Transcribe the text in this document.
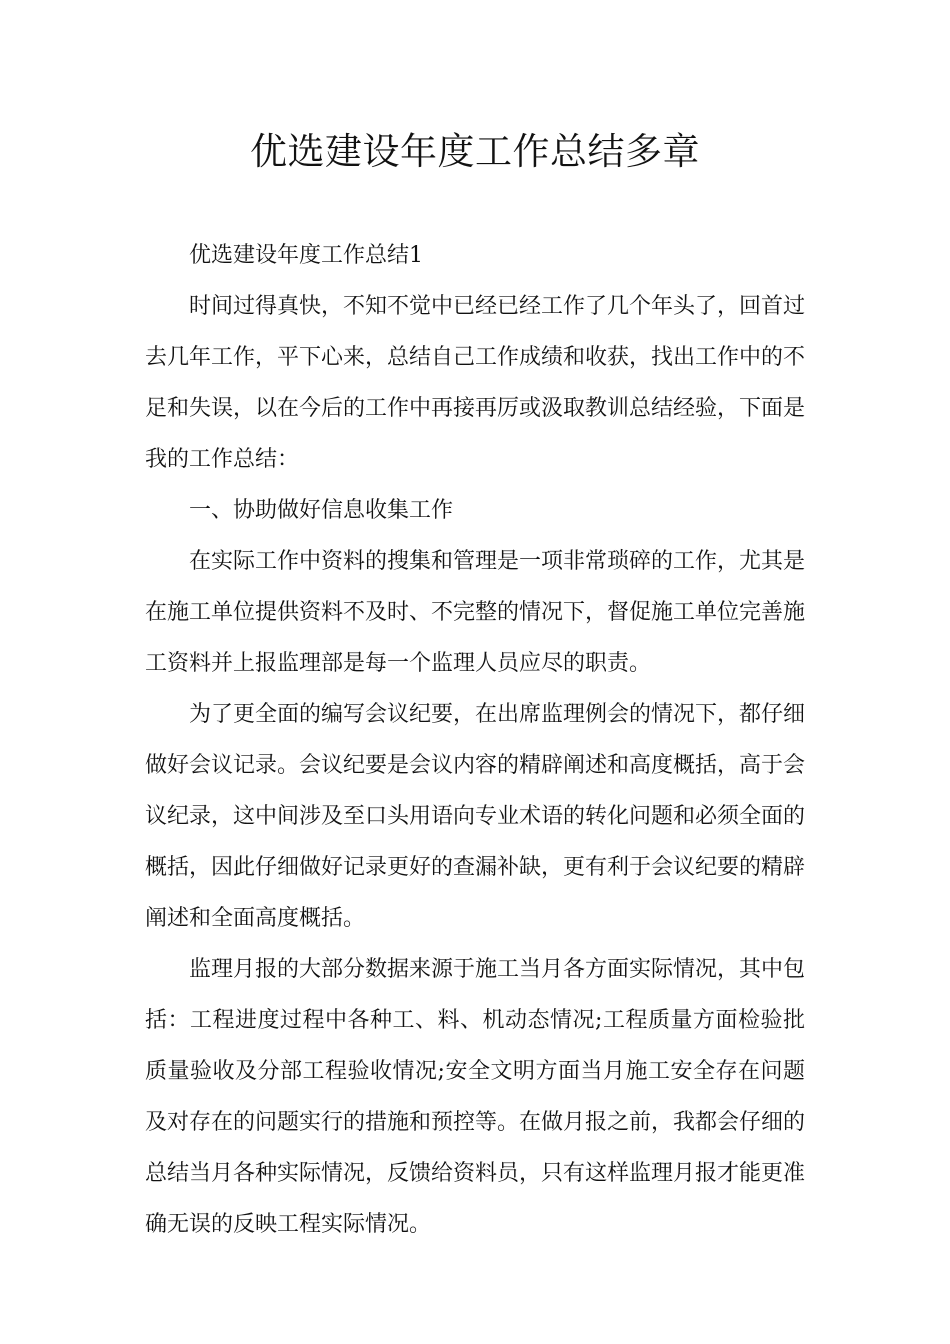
优选建设年度工作总结多章

优选建设年度工作总结1

时间过得真快，不知不觉中已经已经工作了几个年头了，回首过去几年工作，平下心来，总结自己工作成绩和收获，找出工作中的不足和失误，以在今后的工作中再接再厉或汲取教训总结经验，下面是我的工作总结：

一、协助做好信息收集工作

在实际工作中资料的搜集和管理是一项非常琐碎的工作，尤其是在施工单位提供资料不及时、不完整的情况下，督促施工单位完善施工资料并上报监理部是每一个监理人员应尽的职责。

为了更全面的编写会议纪要，在出席监理例会的情况下，都仔细做好会议记录。会议纪要是会议内容的精辟阐述和高度概括，高于会议纪录，这中间涉及至口头用语向专业术语的转化问题和必须全面的概括，因此仔细做好记录更好的查漏补缺，更有利于会议纪要的精辟阐述和全面高度概括。

监理月报的大部分数据来源于施工当月各方面实际情况，其中包括：工程进度过程中各种工、料、机动态情况;工程质量方面检验批质量验收及分部工程验收情况;安全文明方面当月施工安全存在问题及对存在的问题实行的措施和预控等。在做月报之前，我都会仔细的总结当月各种实际情况，反馈给资料员，只有这样监理月报才能更准确无误的反映工程实际情况。
